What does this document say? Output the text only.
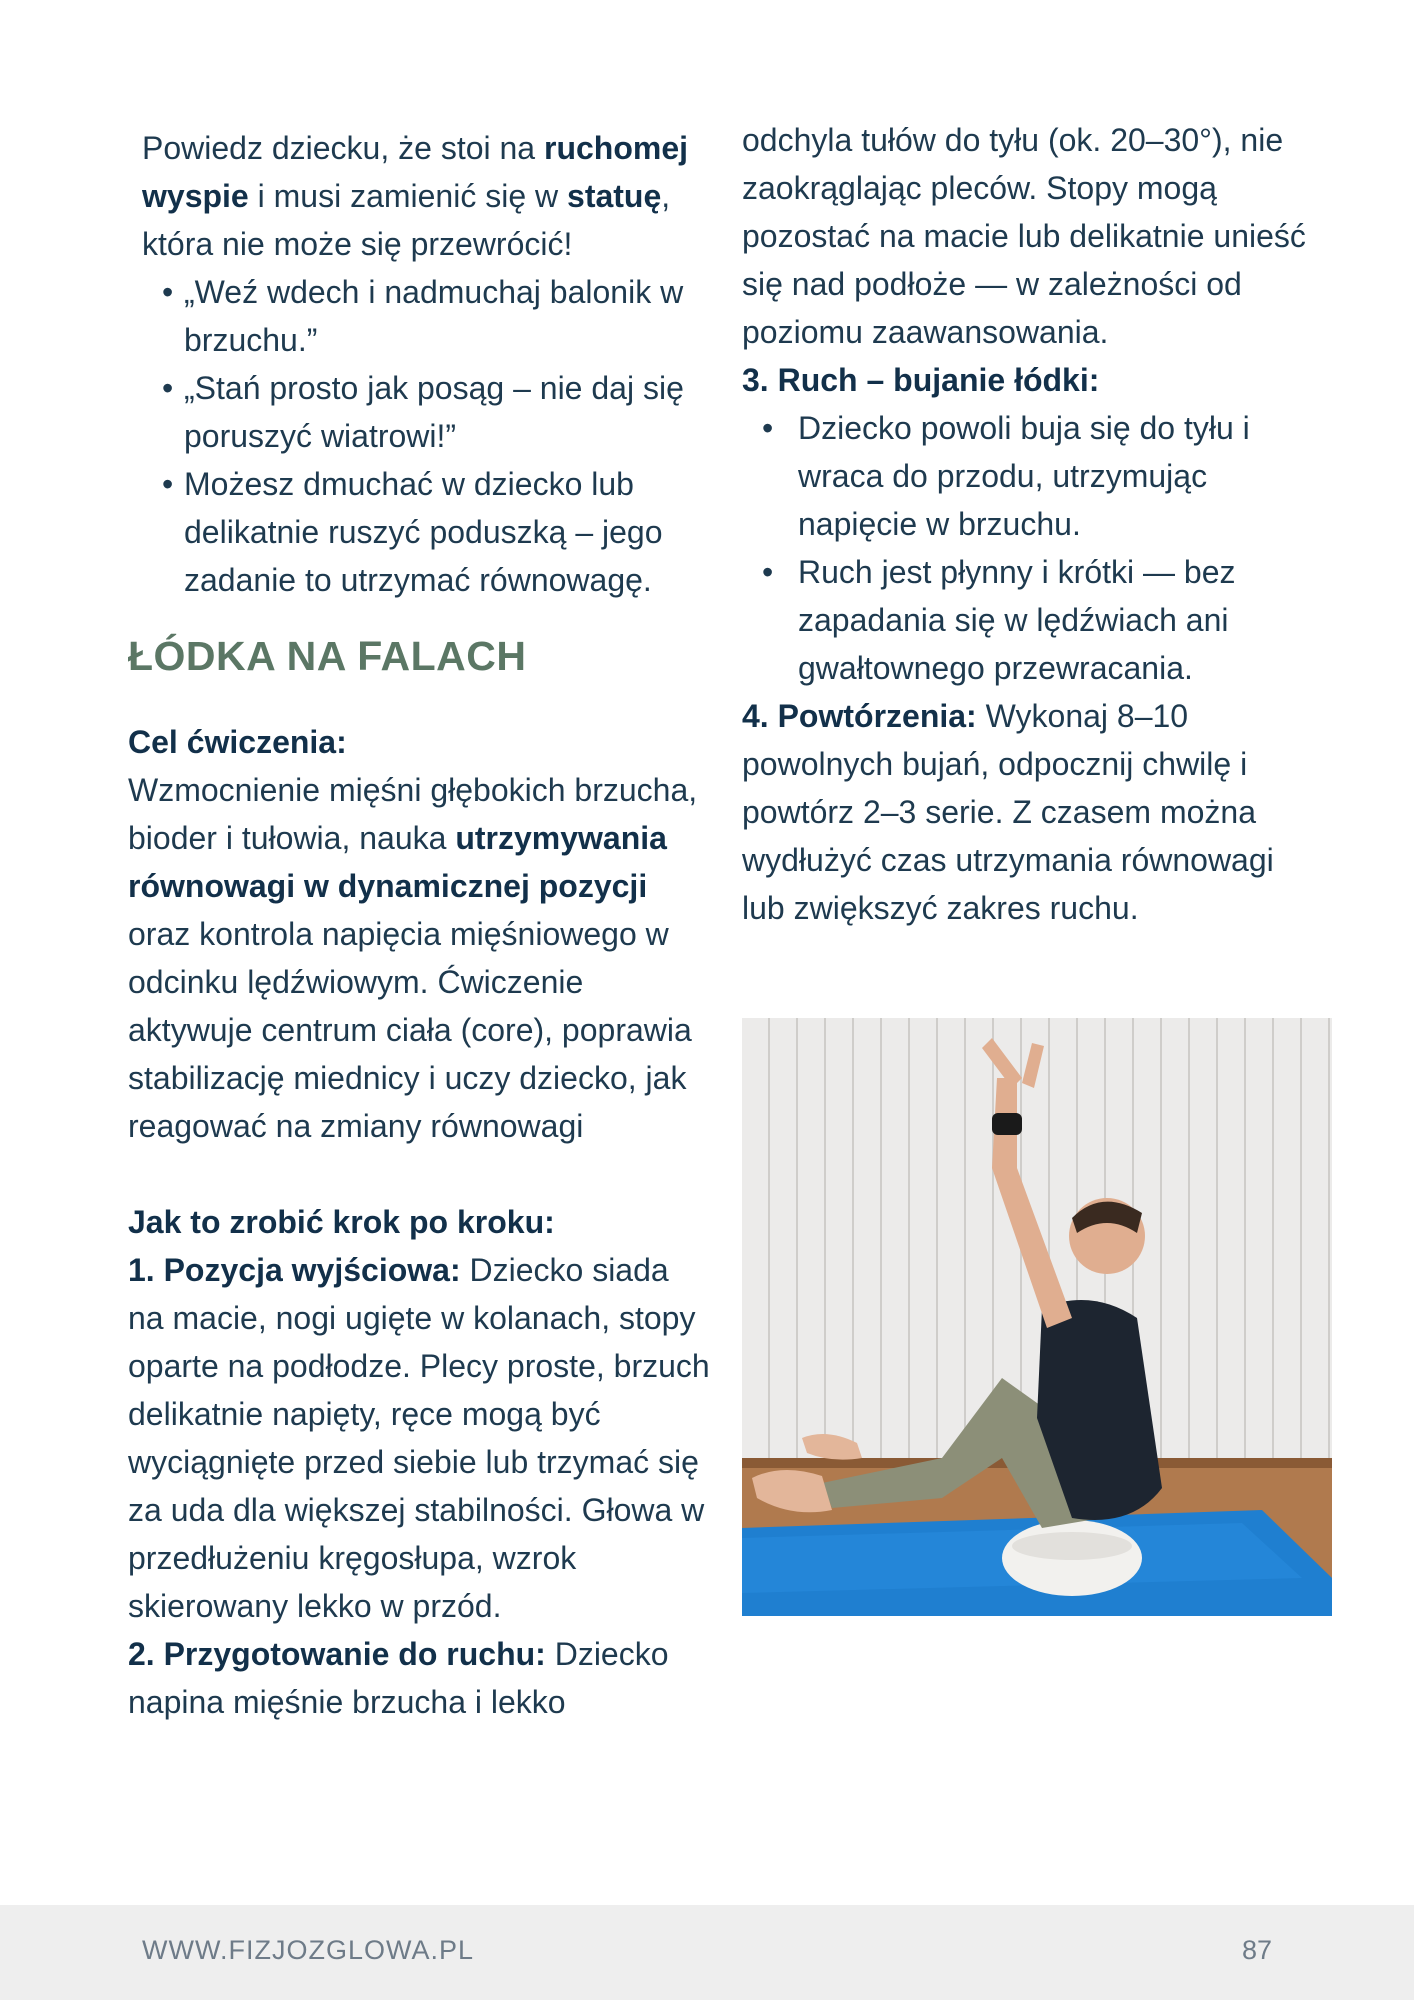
Powiedz dziecku, że stoi na ruchomej wyspie i musi zamienić się w statuę, która nie może się przewrócić!

• „Weź wdech i nadmuchaj balonik w brzuchu.”
• „Stań prosto jak posąg – nie daj się poruszyć wiatrowi!”
• Możesz dmuchać w dziecko lub delikatnie ruszyć poduszką – jego zadanie to utrzymać równowagę.
ŁÓDKA NA FALACH

Cel ćwiczenia:

Wzmocnienie mięśni głębokich brzucha, bioder i tułowia, nauka utrzymywania równowagi w dynamicznej pozycji oraz kontrola napięcia mięśniowego w odcinku lędźwiowym. Ćwiczenie aktywuje centrum ciała (core), poprawia stabilizację miednicy i uczy dziecko, jak reagować na zmiany równowagi

Jak to zrobić krok po kroku:

1. Pozycja wyjściowa: Dziecko siada na macie, nogi ugięte w kolanach, stopy oparte na podłodze. Plecy proste, brzuch delikatnie napięty, ręce mogą być wyciągnięte przed siebie lub trzymać się za uda dla większej stabilności. Głowa w przedłużeniu kręgosłupa, wzrok skierowany lekko w przód.

2. Przygotowanie do ruchu: Dziecko napina mięśnie brzucha i lekko

odchyla tułów do tyłu (ok. 20–30°), nie zaokrąglając pleców. Stopy mogą pozostać na macie lub delikatnie unieść się nad podłoże — w zależności od poziomu zaawansowania.

3. Ruch – bujanie łódki:

• Dziecko powoli buja się do tyłu i wraca do przodu, utrzymując napięcie w brzuchu.
• Ruch jest płynny i krótki — bez zapadania się w lędźwiach ani gwałtownego przewracania.

4. Powtórzenia: Wykonaj 8–10 powolnych bujań, odpocznij chwilę i powtórz 2–3 serie. Z czasem można wydłużyć czas utrzymania równowagi lub zwiększyć zakres ruchu.

WWW.FIZJOZGLOWA.PL	87
